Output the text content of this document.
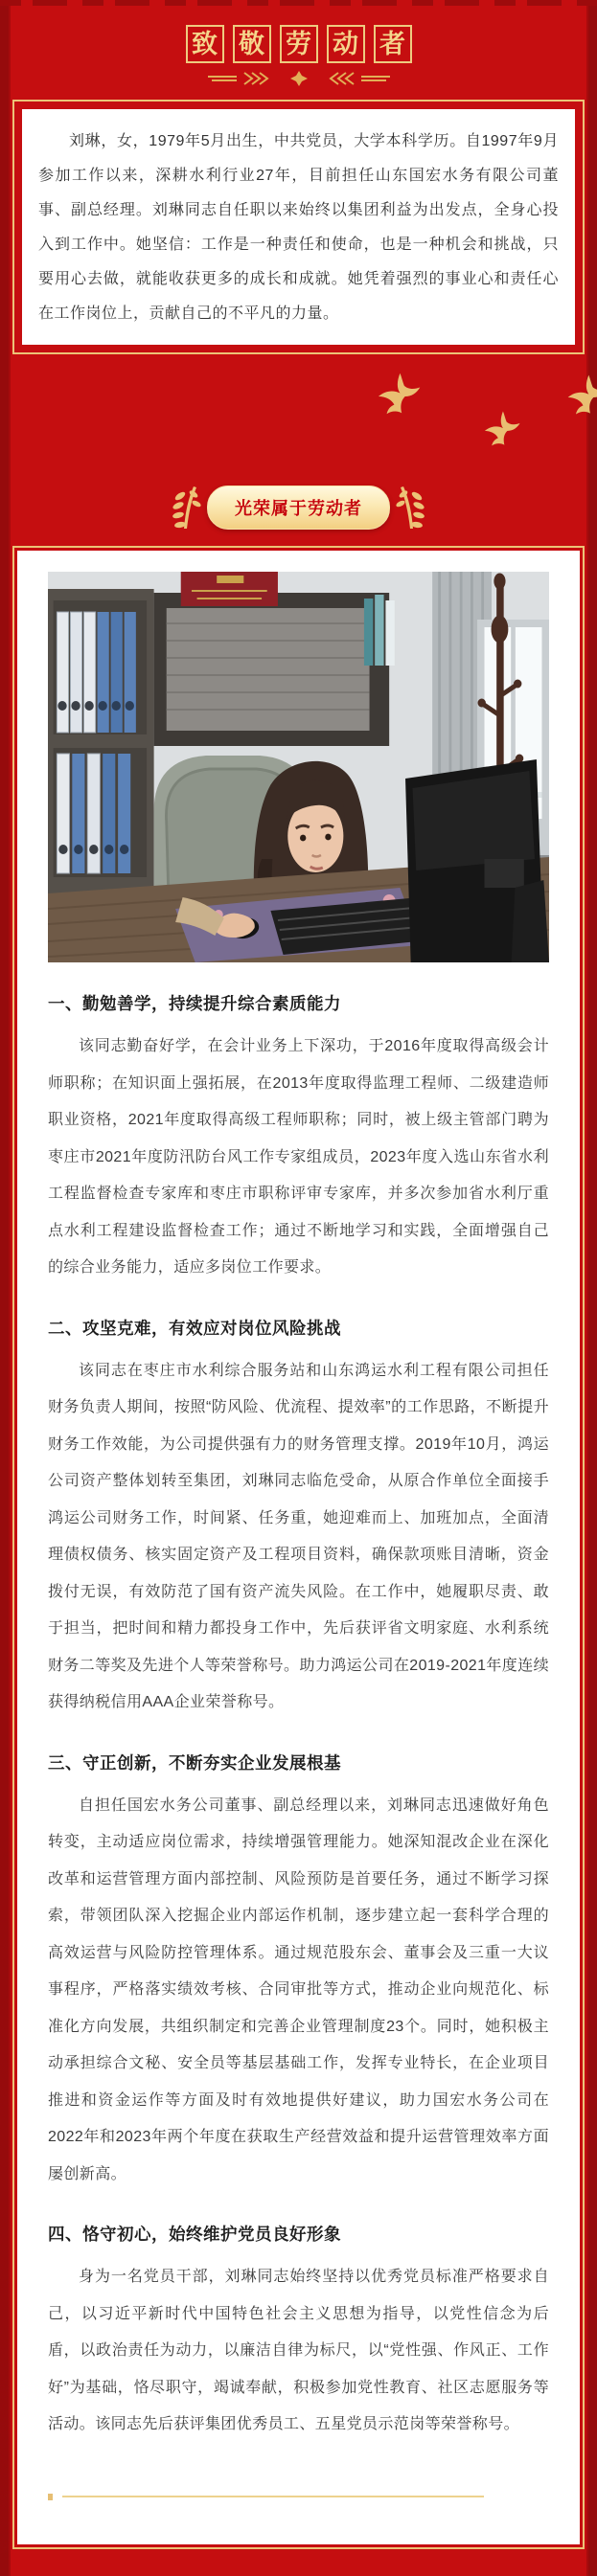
致 敬 劳 动 者

刘琳，女，1979年5月出生，中共党员，大学本科学历。自1997年9月参加工作以来，深耕水利行业27年，目前担任山东国宏水务有限公司董事、副总经理。刘琳同志自任职以来始终以集团利益为出发点，全身心投入到工作中。她坚信：工作是一种责任和使命，也是一种机会和挑战，只要用心去做，就能收获更多的成长和成就。她凭着强烈的事业心和责任心在工作岗位上，贡献自己的不平凡的力量。

光荣属于劳动者
一、勤勉善学，持续提升综合素质能力

该同志勤奋好学，在会计业务上下深功，于2016年度取得高级会计师职称；在知识面上强拓展，在2013年度取得监理工程师、二级建造师职业资格，2021年度取得高级工程师职称；同时，被上级主管部门聘为枣庄市2021年度防汛防台风工作专家组成员，2023年度入选山东省水利工程监督检查专家库和枣庄市职称评审专家库，并多次参加省水利厅重点水利工程建设监督检查工作；通过不断地学习和实践，全面增强自己的综合业务能力，适应多岗位工作要求。

二、攻坚克难，有效应对岗位风险挑战

该同志在枣庄市水利综合服务站和山东鸿运水利工程有限公司担任财务负责人期间，按照“防风险、优流程、提效率”的工作思路，不断提升财务工作效能，为公司提供强有力的财务管理支撑。2019年10月，鸿运公司资产整体划转至集团，刘琳同志临危受命，从原合作单位全面接手鸿运公司财务工作，时间紧、任务重，她迎难而上、加班加点，全面清理债权债务、核实固定资产及工程项目资料，确保款项账目清晰，资金拨付无误，有效防范了国有资产流失风险。在工作中，她履职尽责、敢于担当，把时间和精力都投身工作中，先后获评省文明家庭、水利系统财务二等奖及先进个人等荣誉称号。助力鸿运公司在2019-2021年度连续获得纳税信用AAA企业荣誉称号。

三、守正创新，不断夯实企业发展根基

自担任国宏水务公司董事、副总经理以来，刘琳同志迅速做好角色转变，主动适应岗位需求，持续增强管理能力。她深知混改企业在深化改革和运营管理方面内部控制、风险预防是首要任务，通过不断学习探索，带领团队深入挖掘企业内部运作机制，逐步建立起一套科学合理的高效运营与风险防控管理体系。通过规范股东会、董事会及三重一大议事程序，严格落实绩效考核、合同审批等方式，推动企业向规范化、标准化方向发展，共组织制定和完善企业管理制度23个。同时，她积极主动承担综合文秘、安全员等基层基础工作，发挥专业特长，在企业项目推进和资金运作等方面及时有效地提供好建议，助力国宏水务公司在2022年和2023年两个年度在获取生产经营效益和提升运营管理效率方面屡创新高。

四、恪守初心，始终维护党员良好形象

身为一名党员干部，刘琳同志始终坚持以优秀党员标准严格要求自己，以习近平新时代中国特色社会主义思想为指导，以党性信念为后盾，以政治责任为动力，以廉洁自律为标尺，以“党性强、作风正、工作好”为基础，恪尽职守，竭诚奉献，积极参加党性教育、社区志愿服务等活动。该同志先后获评集团优秀员工、五星党员示范岗等荣誉称号。
